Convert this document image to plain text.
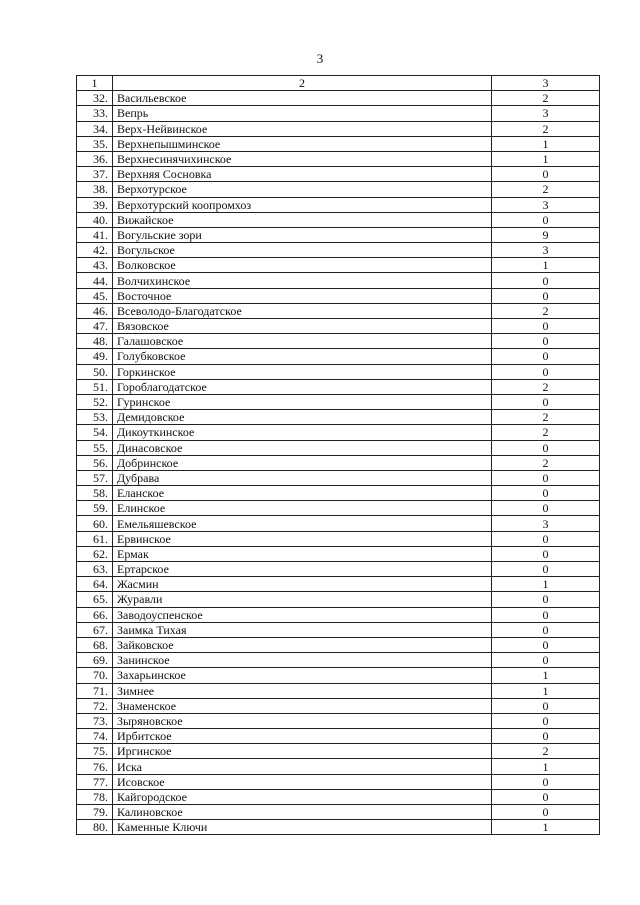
3
1	2	3
32.	Васильевское	2
33.	Вепрь	3
34.	Верх-Нейвинское	2
35.	Верхнепышминское	1
36.	Верхнесинячихинское	1
37.	Верхняя Сосновка	0
38.	Верхотурское	2
39.	Верхотурский коопромхоз	3
40.	Вижайское	0
41.	Вогульские зори	9
42.	Вогульское	3
43.	Волковское	1
44.	Волчихинское	0
45.	Восточное	0
46.	Всеволодо-Благодатское	2
47.	Вязовское	0
48.	Галашовское	0
49.	Голубковское	0
50.	Горкинское	0
51.	Гороблагодатское	2
52.	Гуринское	0
53.	Демидовское	2
54.	Дикоуткинское	2
55.	Динасовское	0
56.	Добринское	2
57.	Дубрава	0
58.	Еланское	0
59.	Елинское	0
60.	Емельяшевское	3
61.	Ервинское	0
62.	Ермак	0
63.	Ертарское	0
64.	Жасмин	1
65.	Журавли	0
66.	Заводоуспенское	0
67.	Заимка Тихая	0
68.	Зайковское	0
69.	Занинское	0
70.	Захарьинское	1
71.	Зимнее	1
72.	Знаменское	0
73.	Зыряновское	0
74.	Ирбитское	0
75.	Иргинское	2
76.	Иска	1
77.	Исовское	0
78.	Кайгородское	0
79.	Калиновское	0
80.	Каменные Ключи	1
